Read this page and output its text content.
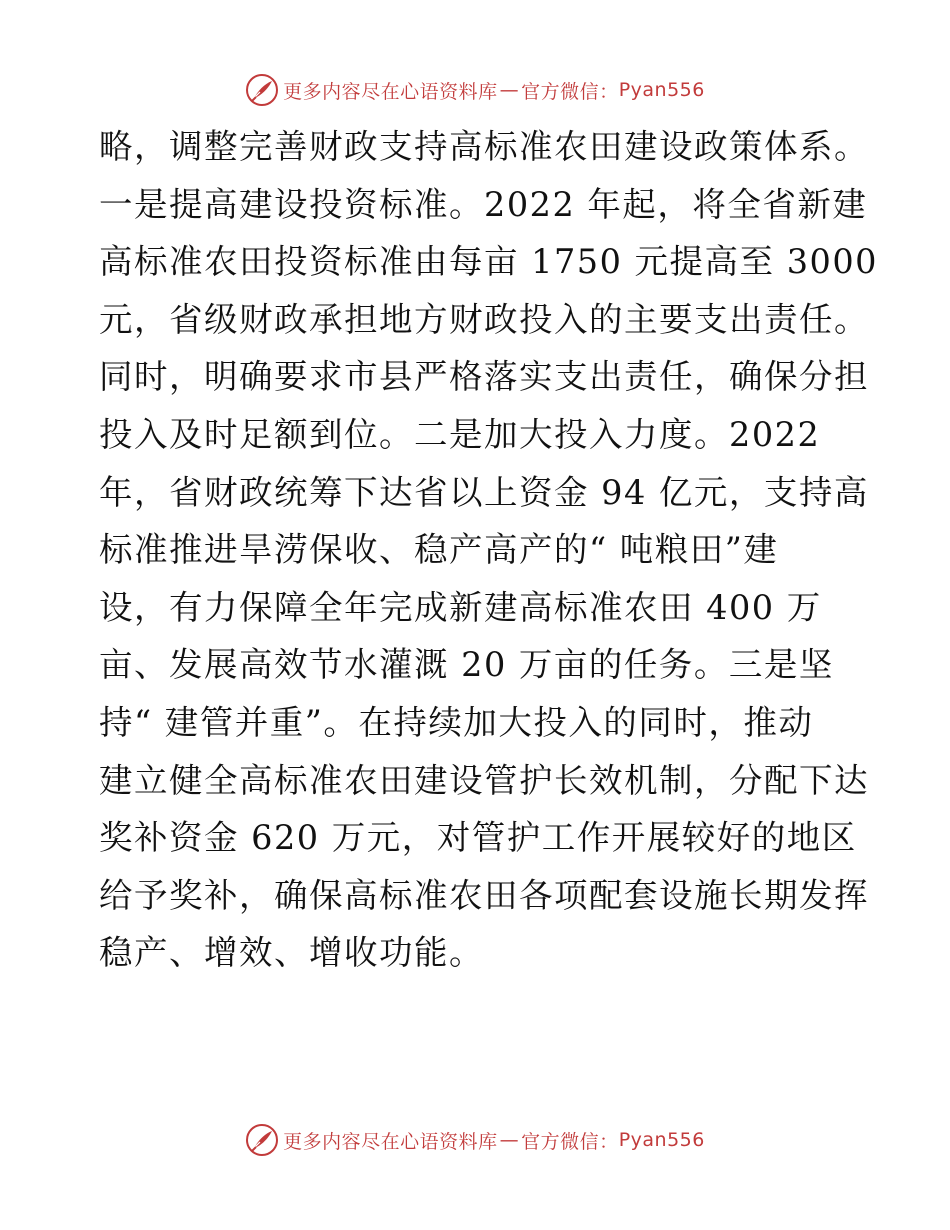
更多内容尽在心语资料库 — 官方微信： Pyan556
略，调整完善财政支持高标准农田建设政策体系。
一是提高建设投资标准。2022 年起，将全省新建
高标准农田投资标准由每亩 1750 元提高至 3000
元，省级财政承担地方财政投入的主要支出责任。
同时，明确要求市县严格落实支出责任，确保分担
投入及时足额到位。二是加大投入力度。2022
年，省财政统筹下达省以上资金 94 亿元，支持高
标准推进旱涝保收、稳产高产的“ 吨粮田”建
设，有力保障全年完成新建高标准农田 400 万
亩、发展高效节水灌溉 20 万亩的任务。三是坚
持“ 建管并重”。在持续加大投入的同时，推动
建立健全高标准农田建设管护长效机制，分配下达
奖补资金 620 万元，对管护工作开展较好的地区
给予奖补，确保高标准农田各项配套设施长期发挥
稳产、增效、增收功能。
更多内容尽在心语资料库 — 官方微信： Pyan556
